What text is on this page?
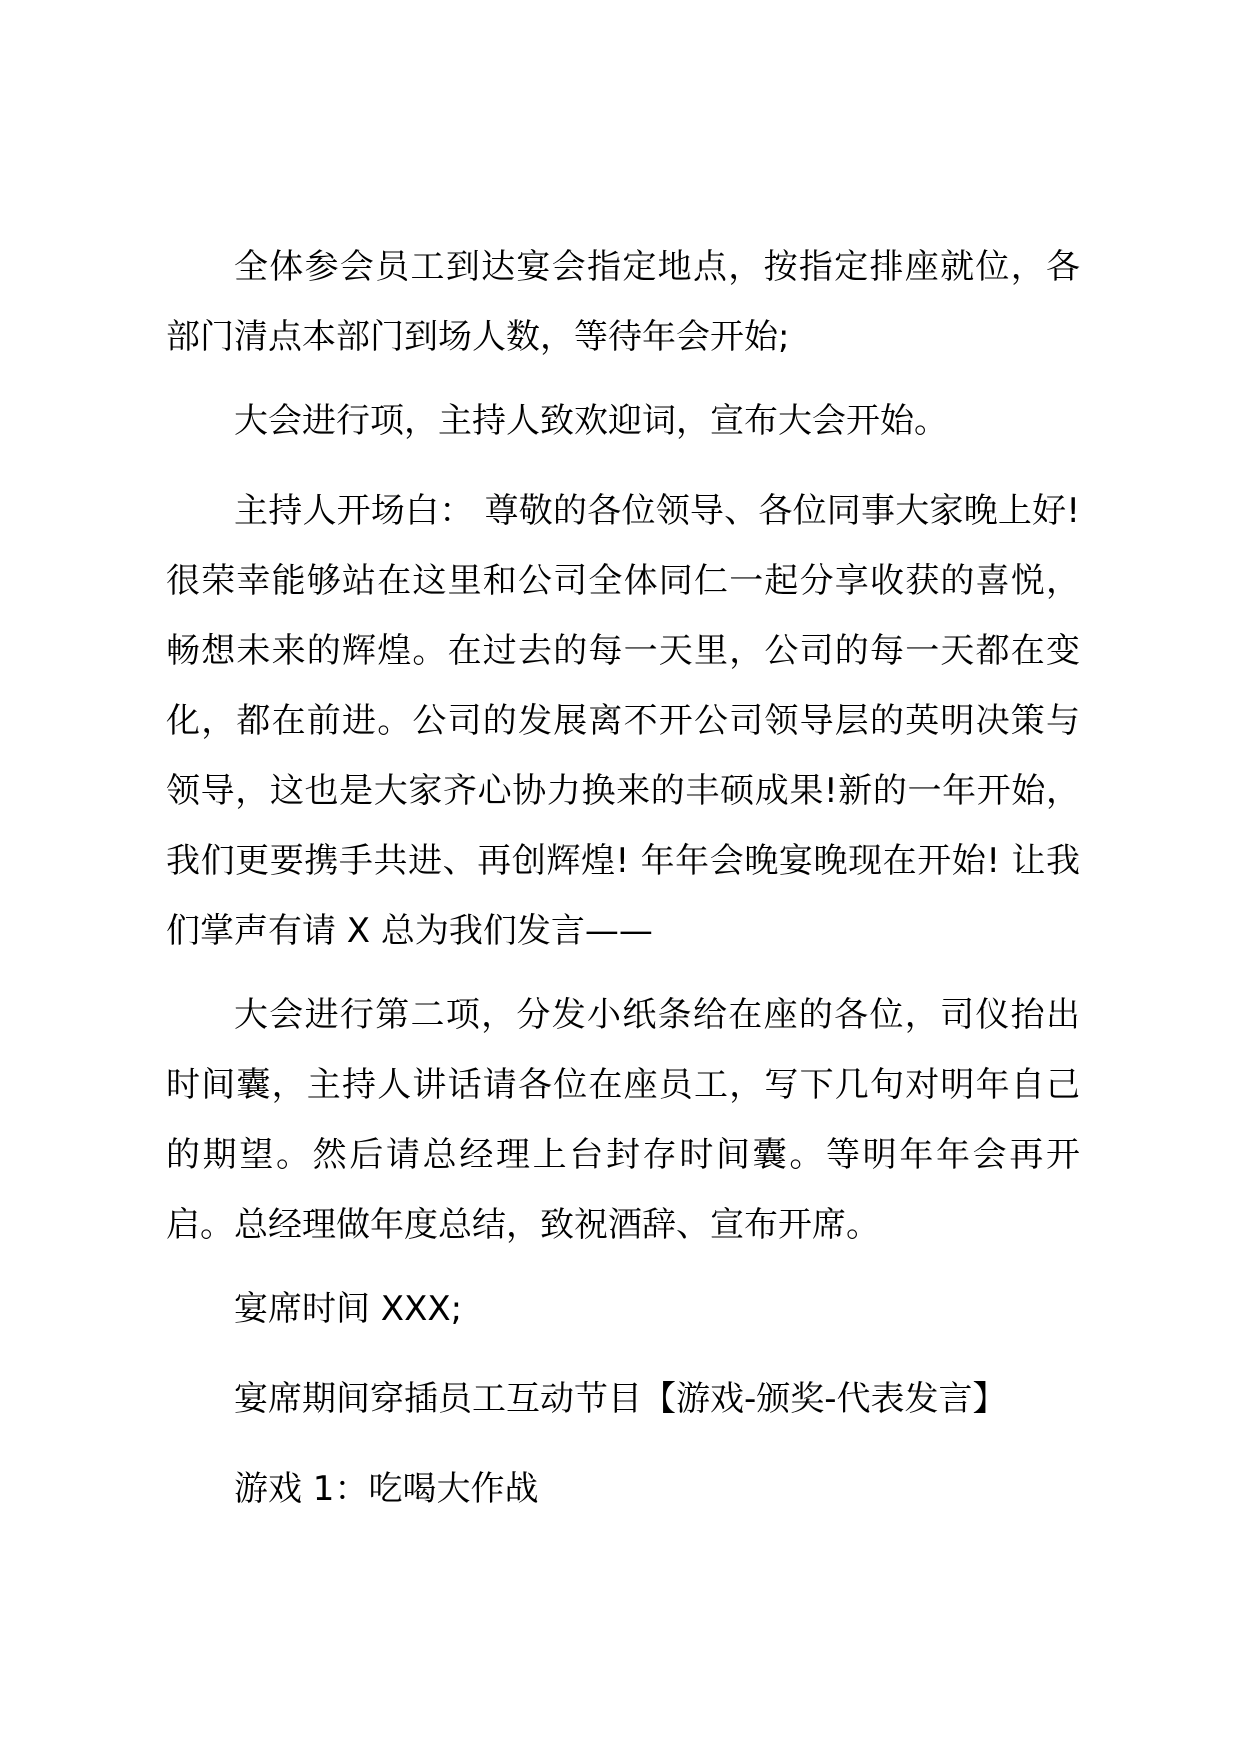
全体参会员工到达宴会指定地点，按指定排座就位，各部门清点本部门到场人数，等待年会开始;

大会进行项，主持人致欢迎词，宣布大会开始。

主持人开场白： 尊敬的各位领导、各位同事大家晚上好!很荣幸能够站在这里和公司全体同仁一起分享收获的喜悦，畅想未来的辉煌。在过去的每一天里，公司的每一天都在变化，都在前进。公司的发展离不开公司领导层的英明决策与领导，这也是大家齐心协力换来的丰硕成果!新的一年开始，我们更要携手共进、再创辉煌! 年年会晚宴晚现在开始! 让我们掌声有请 X 总为我们发言——

大会进行第二项，分发小纸条给在座的各位，司仪抬出时间囊，主持人讲话请各位在座员工，写下几句对明年自己的期望。然后请总经理上台封存时间囊。等明年年会再开启。总经理做年度总结，致祝酒辞、宣布开席。

宴席时间 XXX;

宴席期间穿插员工互动节目【游戏-颁奖-代表发言】

游戏 1：吃喝大作战
